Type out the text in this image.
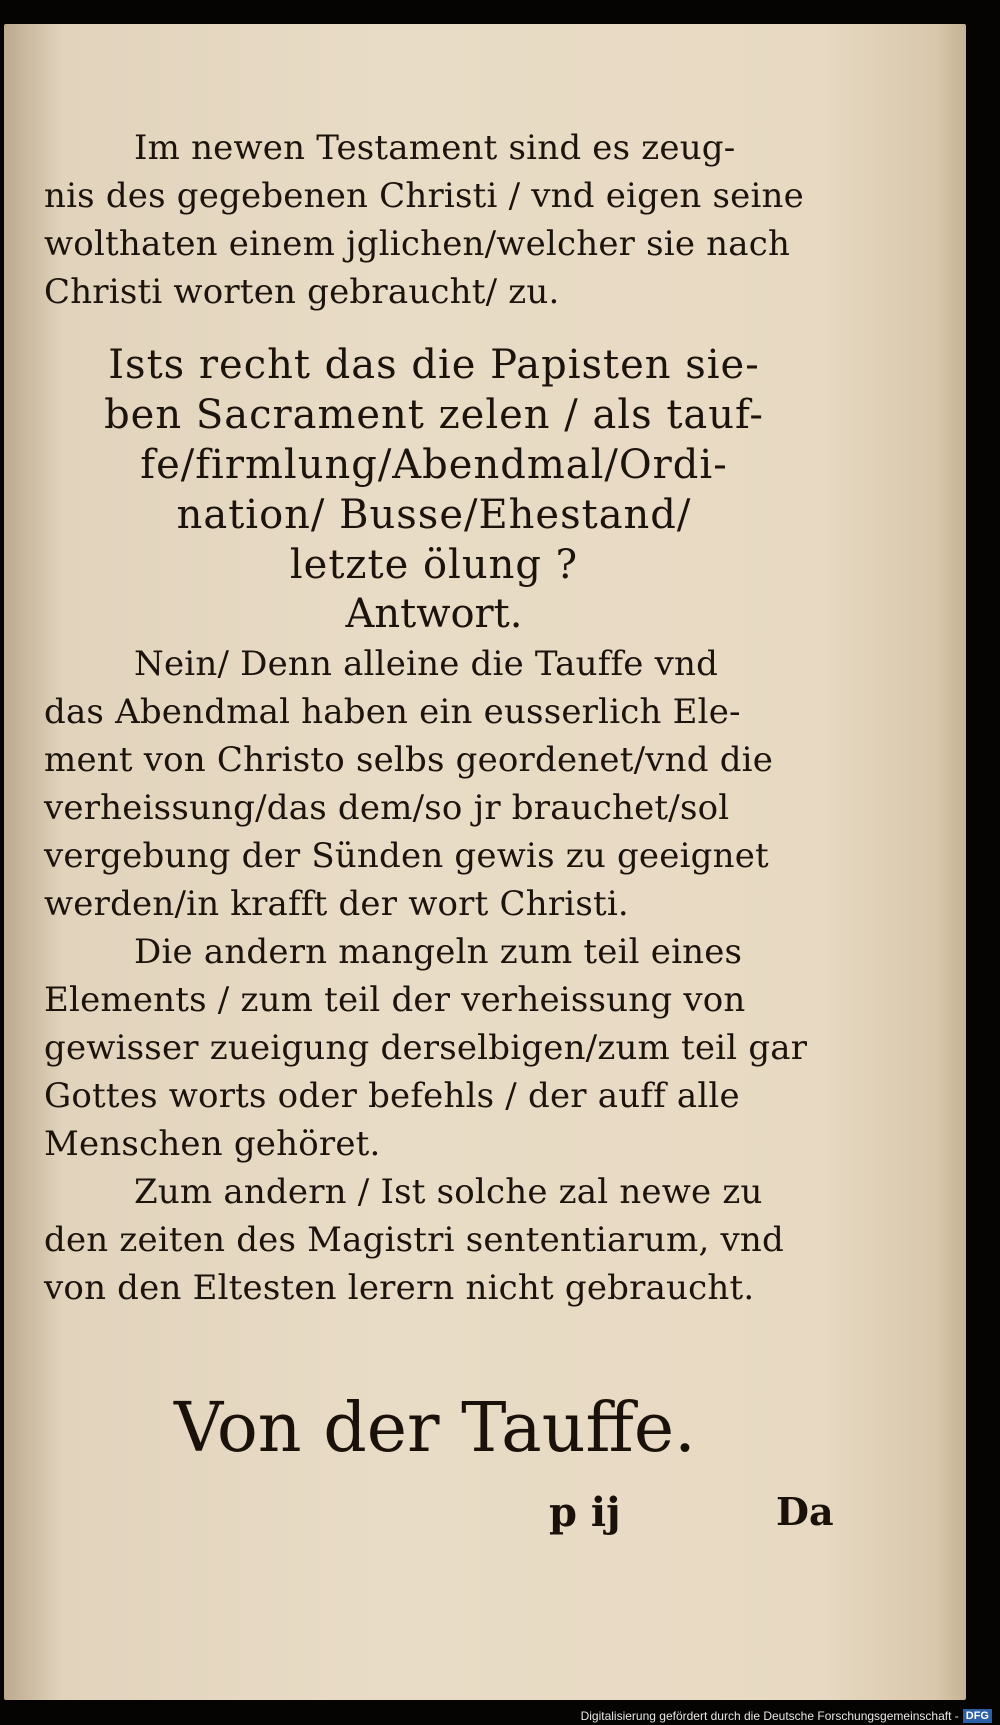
Im newen Testament sind es zeug-
nis des gegebenen Christi / vnd eigen seine
wolthaten einem jglichen/welcher sie nach
Christi worten gebraucht/ zu.

Ists recht das die Papisten sie-
ben Sacrament zelen / als tauf-
fe/firmlung/Abendmal/Ordi-
nation/ Busse/Ehestand/
letzte ölung ?

Antwort.

Nein/ Denn alleine die Tauffe vnd
das Abendmal haben ein eusserlich Ele-
ment von Christo selbs geordenet/vnd die
verheissung/das dem/so jr brauchet/sol
vergebung der Sünden gewis zu geeignet
werden/in krafft der wort Christi.

Die andern mangeln zum teil eines
Elements / zum teil der verheissung von
gewisser zueigung derselbigen/zum teil gar
Gottes worts oder befehls / der auff alle
Menschen gehöret.

Zum andern / Ist solche zal newe zu
den zeiten des Magistri sententiarum, vnd
von den Eltesten lerern nicht gebraucht.

Von der Tauffe.
p ij	Da
Digitalisierung gefördert durch die Deutsche Forschungsgemeinschaft - DFG
